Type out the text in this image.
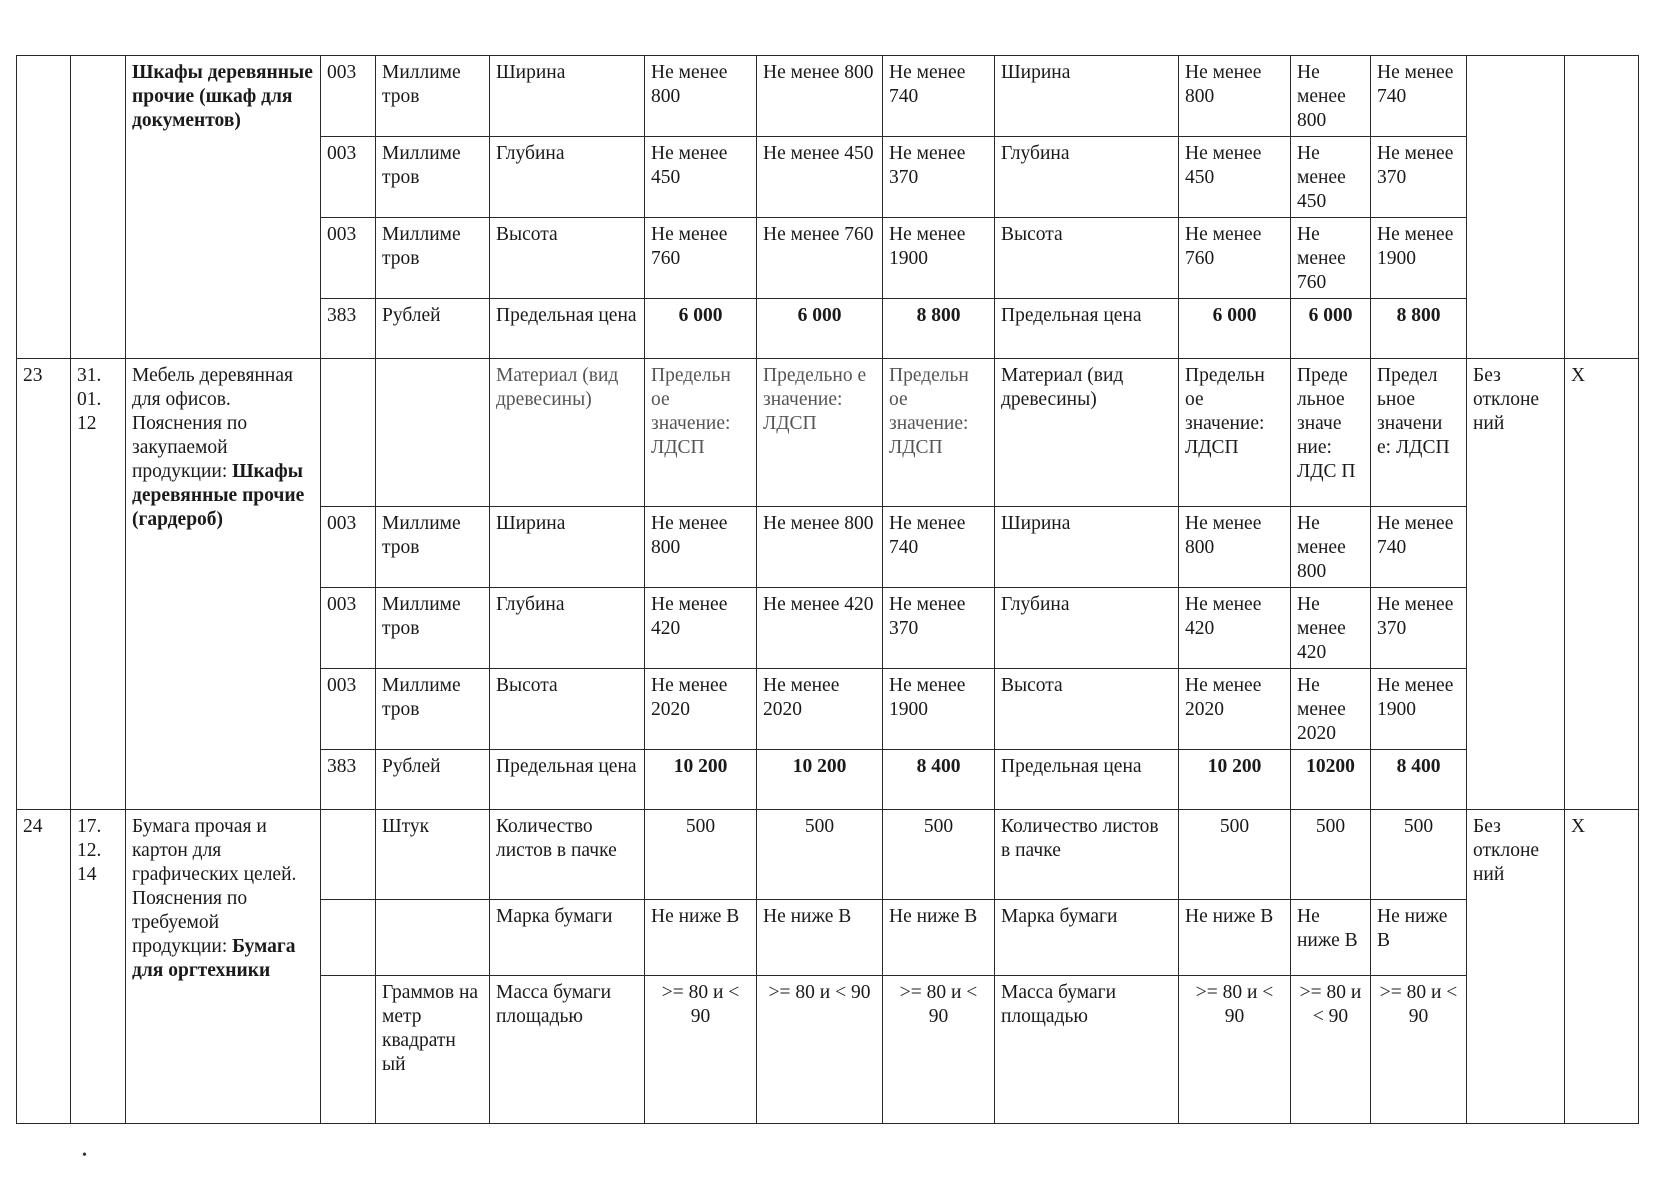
		Шкафы деревянные прочие (шкаф для документов)	003	Миллиме тров	Ширина	Не менее 800	Не менее 800	Не менее 740	Ширина	Не менее 800	Не менее 800	Не менее 740		
			003	Миллиме тров	Глубина	Не менее 450	Не менее 450	Не менее 370	Глубина	Не менее 450	Не менее 450	Не менее 370		
			003	Миллиме тров	Высота	Не менее 760	Не менее 760	Не менее 1900	Высота	Не менее 760	Не менее 760	Не менее 1900		
			383	Рублей	Предельная цена	6 000	6 000	8 800	Предельная цена	6 000	6 000	8 800		
23	31. 01. 12	Мебель деревянная для офисов. Пояснения по закупаемой продукции: Шкафы деревянные прочие (гардероб)			Материал (вид древесины)	Предельн ое значение: ЛДСП	Предельно е значение: ЛДСП	Предельн ое значение: ЛДСП	Материал (вид древесины)	Предельн ое значение: ЛДСП	Преде льное значе ние: ЛДС П	Предел ьное значени е: ЛДСП	Без отклоне ний	X
			003	Миллиме тров	Ширина	Не менее 800	Не менее 800	Не менее 740	Ширина	Не менее 800	Не менее 800	Не менее 740		
			003	Миллиме тров	Глубина	Не менее 420	Не менее 420	Не менее 370	Глубина	Не менее 420	Не менее 420	Не менее 370		
			003	Миллиме тров	Высота	Не менее 2020	Не менее 2020	Не менее 1900	Высота	Не менее 2020	Не менее 2020	Не менее 1900		
			383	Рублей	Предельная цена	10 200	10 200	8 400	Предельная цена	10 200	10200	8 400		
24	17. 12. 14	Бумага прочая и картон для графических целей. Пояснения по требуемой продукции: Бумага для оргтехники		Штук	Количество листов в пачке	500	500	500	Количество листов в пачке	500	500	500	Без отклоне ний	X
					Марка бумаги	Не ниже В	Не ниже В	Не ниже В	Марка бумаги	Не ниже В	Не ниже В	Не ниже В		
				Граммов на метр квадратн ый	Масса бумаги площадью	>= 80 и < 90	>= 80 и < 90	>= 80 и < 90	Масса бумаги площадью	>= 80 и < 90	>= 80 и < 90	>= 80 и < 90		
•
